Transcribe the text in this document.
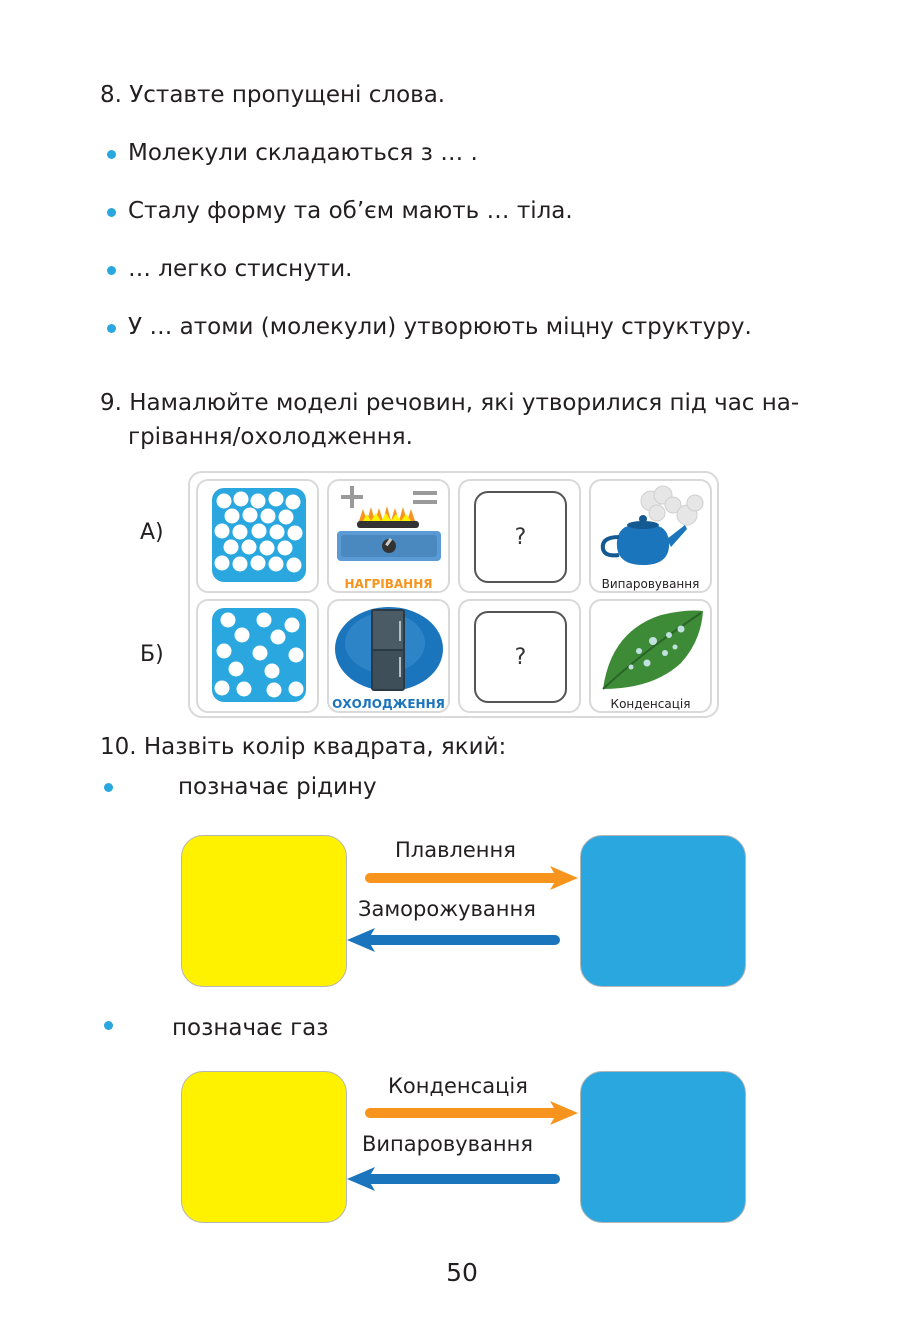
8. Уставте пропущені слова.
Молекули складаються з … .
Сталу форму та об’єм мають … тіла.
… легко стиснути.
У … атоми (молекули) утворюють міцну структуру.
9. Намалюйте моделі речовин, які утворилися під час на-
грівання/охолодження.
А)
Б)
НАГРІВАННЯ
?
Випаровування
ОХОЛОДЖЕННЯ
?
Конденсація
10. Назвіть колір квадрата, який:
позначає рідину
Плавлення
Заморожування
позначає газ
Конденсація
Випаровування
50
